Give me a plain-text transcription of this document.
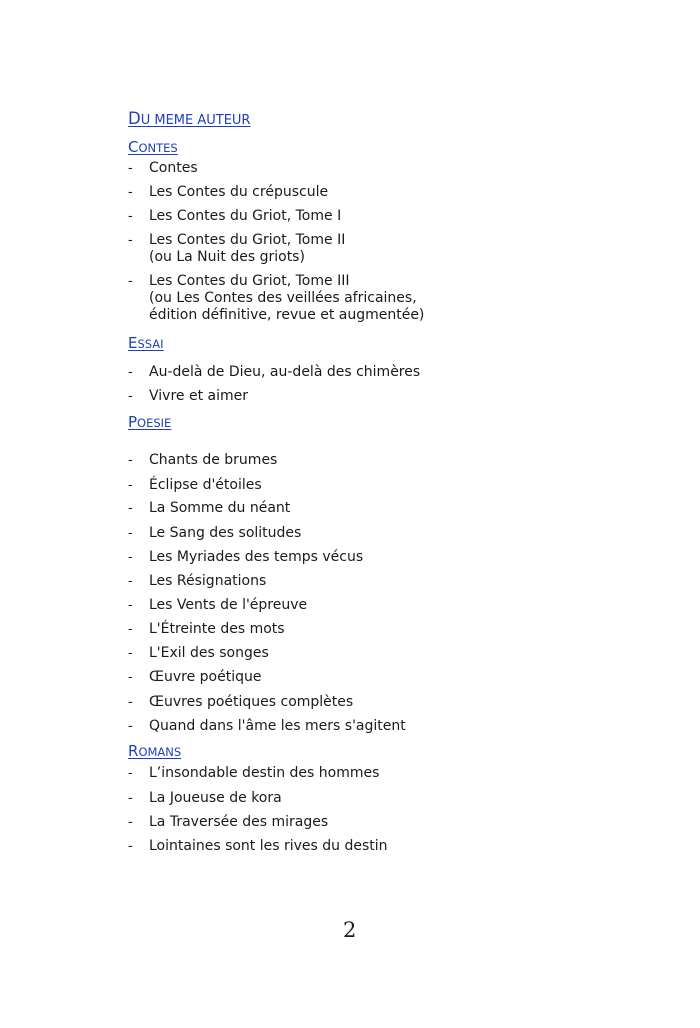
DU MEME AUTEUR
CONTES
ESSAI
POESIE
ROMANS
- Contes
- Les Contes du crépuscule
- Les Contes du Griot, Tome I
- Les Contes du Griot, Tome II
(ou La Nuit des griots)
- Les Contes du Griot, Tome III
(ou Les Contes des veillées africaines,
édition définitive, revue et augmentée)
- Au-delà de Dieu, au-delà des chimères
- Vivre et aimer
- Chants de brumes
- Éclipse d'étoiles
- La Somme du néant
- Le Sang des solitudes
- Les Myriades des temps vécus
- Les Résignations
- Les Vents de l'épreuve
- L'Étreinte des mots
- L'Exil des songes
- Œuvre poétique
- Œuvres poétiques complètes
- Quand dans l'âme les mers s'agitent
- L’insondable destin des hommes
- La Joueuse de kora
- La Traversée des mirages
- Lointaines sont les rives du destin
2
